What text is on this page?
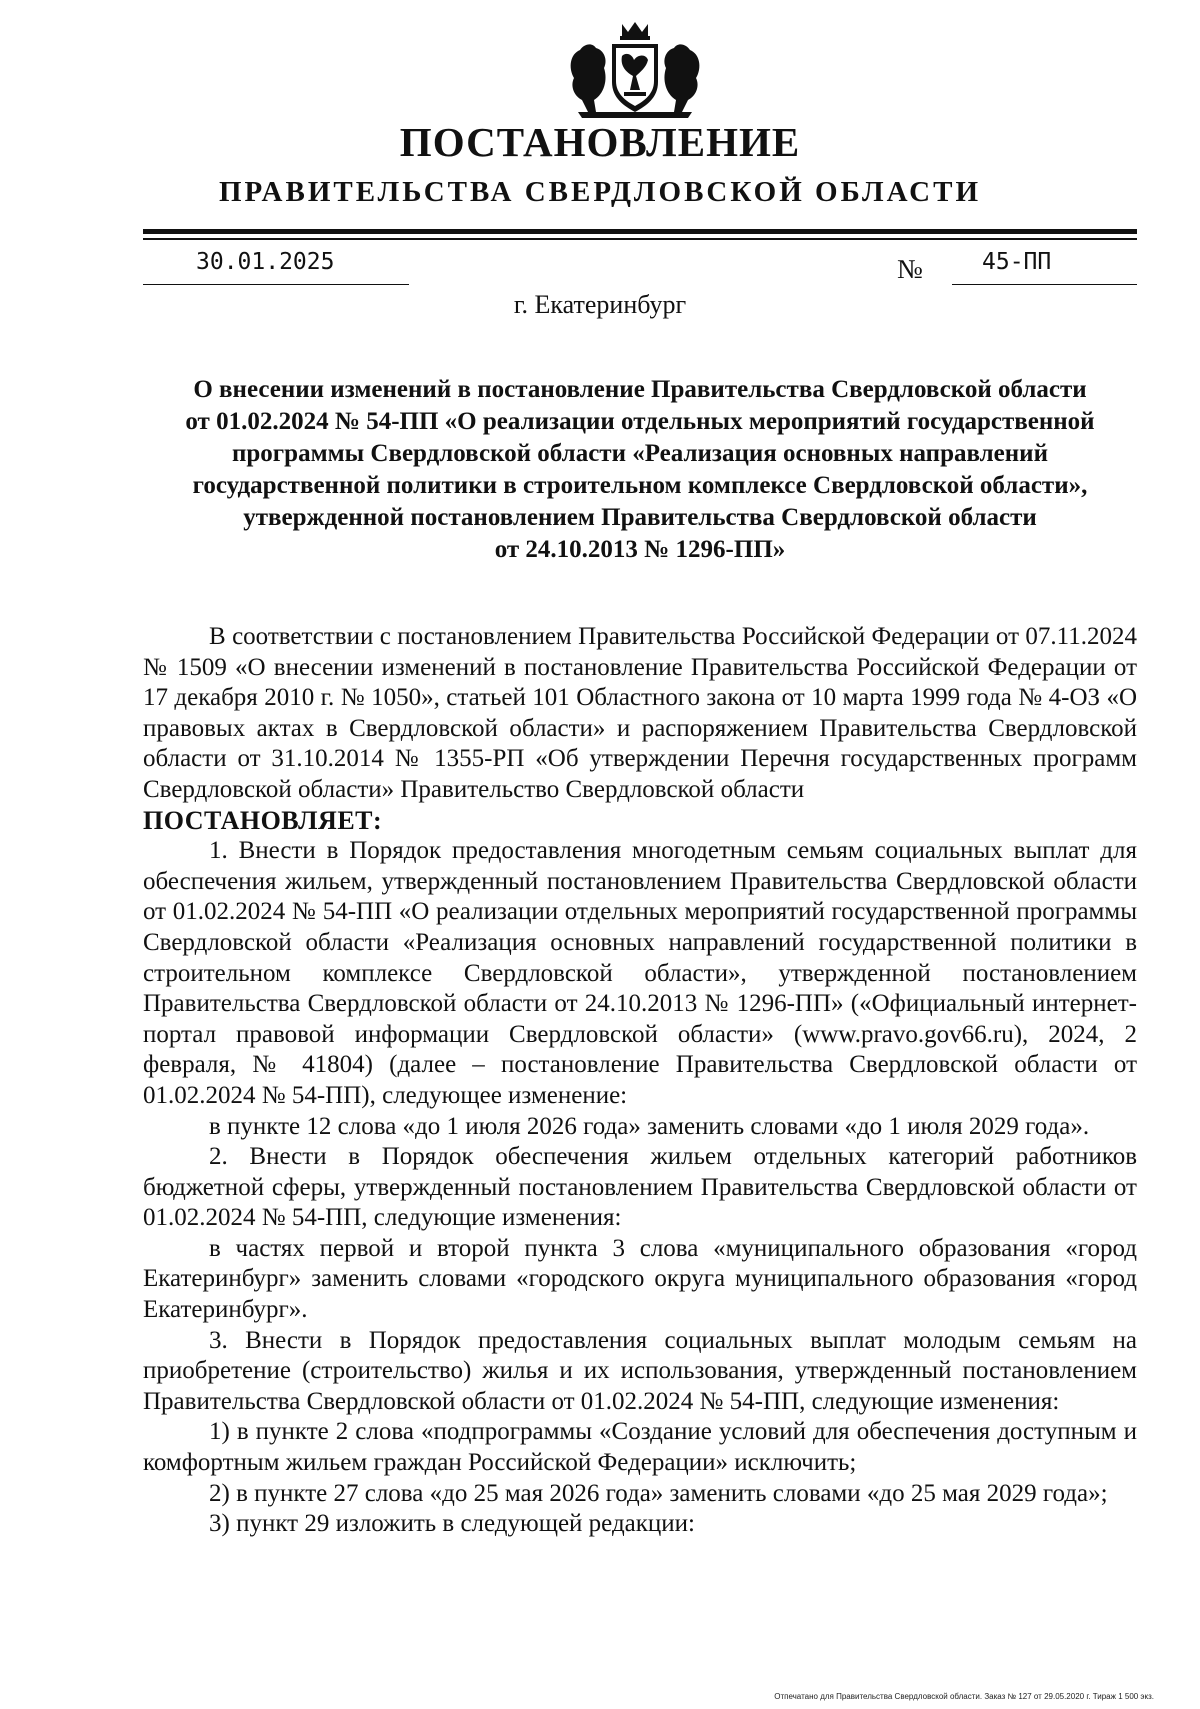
ПОСТАНОВЛЕНИЕ
ПРАВИТЕЛЬСТВА СВЕРДЛОВСКОЙ ОБЛАСТИ
30.01.2025	№	45-ПП
г. Екатеринбург
О внесении изменений в постановление Правительства Свердловской области
от 01.02.2024 № 54-ПП «О реализации отдельных мероприятий государственной
программы Свердловской области «Реализация основных направлений
государственной политики в строительном комплексе Свердловской области»,
утвержденной постановлением Правительства Свердловской области
от 24.10.2013 № 1296-ПП»

В соответствии с постановлением Правительства Российской Федерации от 07.11.2024 № 1509 «О внесении изменений в постановление Правительства Российской Федерации от 17 декабря 2010 г. № 1050», статьей 101 Областного закона от 10 марта 1999 года № 4-ОЗ «О правовых актах в Свердловской области» и распоряжением Правительства Свердловской области от 31.10.2014 № 1355-РП «Об утверждении Перечня государственных программ Свердловской области» Правительство Свердловской области

ПОСТАНОВЛЯЕТ:

1. Внести в Порядок предоставления многодетным семьям социальных выплат для обеспечения жильем, утвержденный постановлением Правительства Свердловской области от 01.02.2024 № 54-ПП «О реализации отдельных мероприятий государственной программы Свердловской области «Реализация основных направлений государственной политики в строительном комплексе Свердловской области», утвержденной постановлением Правительства Свердловской области от 24.10.2013 № 1296-ПП» («Официальный интернет-портал правовой информации Свердловской области» (www.pravo.gov66.ru), 2024, 2 февраля, № 41804) (далее – постановление Правительства Свердловской области от 01.02.2024 № 54-ПП), следующее изменение:

в пункте 12 слова «до 1 июля 2026 года» заменить словами «до 1 июля 2029 года».

2. Внести в Порядок обеспечения жильем отдельных категорий работников бюджетной сферы, утвержденный постановлением Правительства Свердловской области от 01.02.2024 № 54-ПП, следующие изменения:

в частях первой и второй пункта 3 слова «муниципального образования «город Екатеринбург» заменить словами «городского округа муниципального образования «город Екатеринбург».

3. Внести в Порядок предоставления социальных выплат молодым семьям на приобретение (строительство) жилья и их использования, утвержденный постановлением Правительства Свердловской области от 01.02.2024 № 54-ПП, следующие изменения:

1) в пункте 2 слова «подпрограммы «Создание условий для обеспечения доступным и комфортным жильем граждан Российской Федерации» исключить;

2) в пункте 27 слова «до 25 мая 2026 года» заменить словами «до 25 мая 2029 года»;

3) пункт 29 изложить в следующей редакции:

Отпечатано для Правительства Свердловской области. Заказ № 127 от 29.05.2020 г. Тираж 1 500 экз.
